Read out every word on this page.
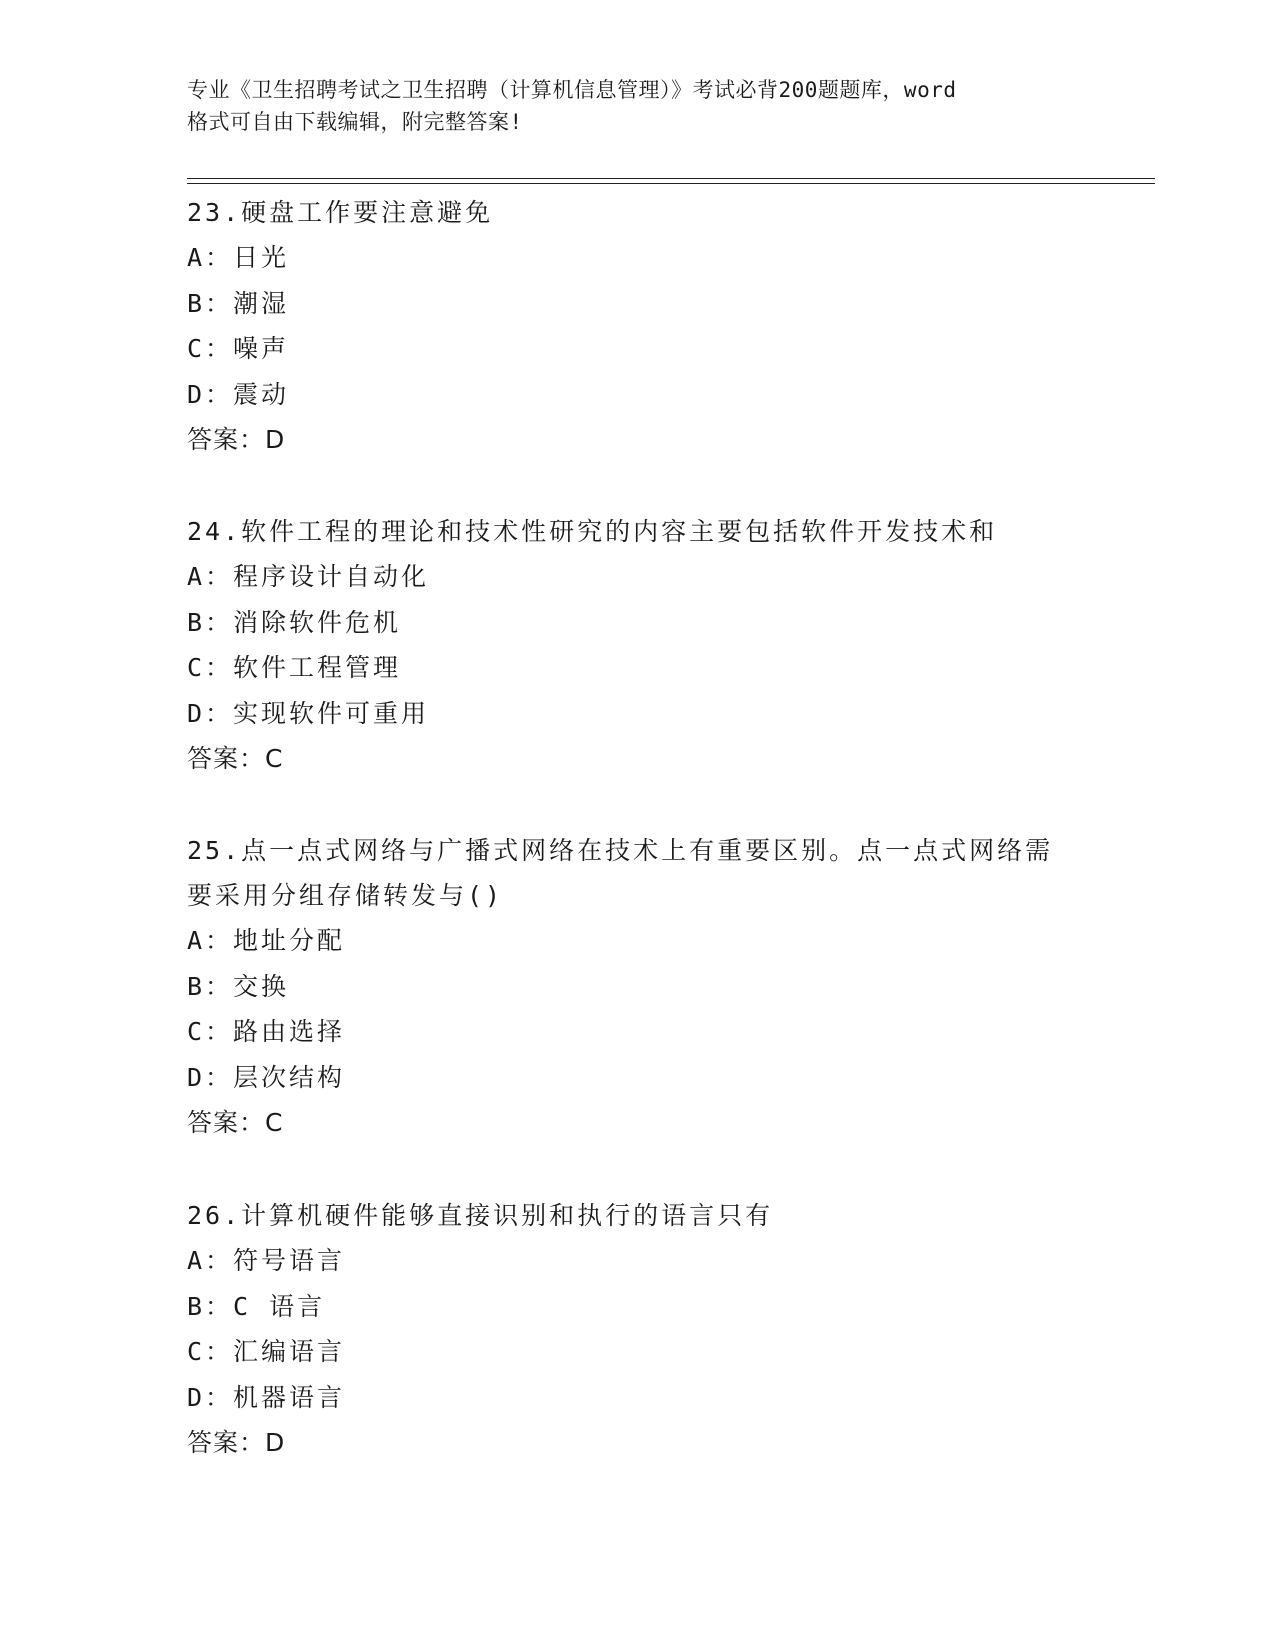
专业《卫生招聘考试之卫生招聘（计算机信息管理）》考试必背200题题库，word
格式可自由下载编辑，附完整答案!
23.硬盘工作要注意避免
A：日光
B：潮湿
C：噪声
D：震动
答案：D
24.软件工程的理论和技术性研究的内容主要包括软件开发技术和
A：程序设计自动化
B：消除软件危机
C：软件工程管理
D：实现软件可重用
答案：C
25.点一点式网络与广播式网络在技术上有重要区别。点一点式网络需
要采用分组存储转发与()
A：地址分配
B：交换
C：路由选择
D：层次结构
答案：C
26.计算机硬件能够直接识别和执行的语言只有
A：符号语言
B：C 语言
C：汇编语言
D：机器语言
答案：D
